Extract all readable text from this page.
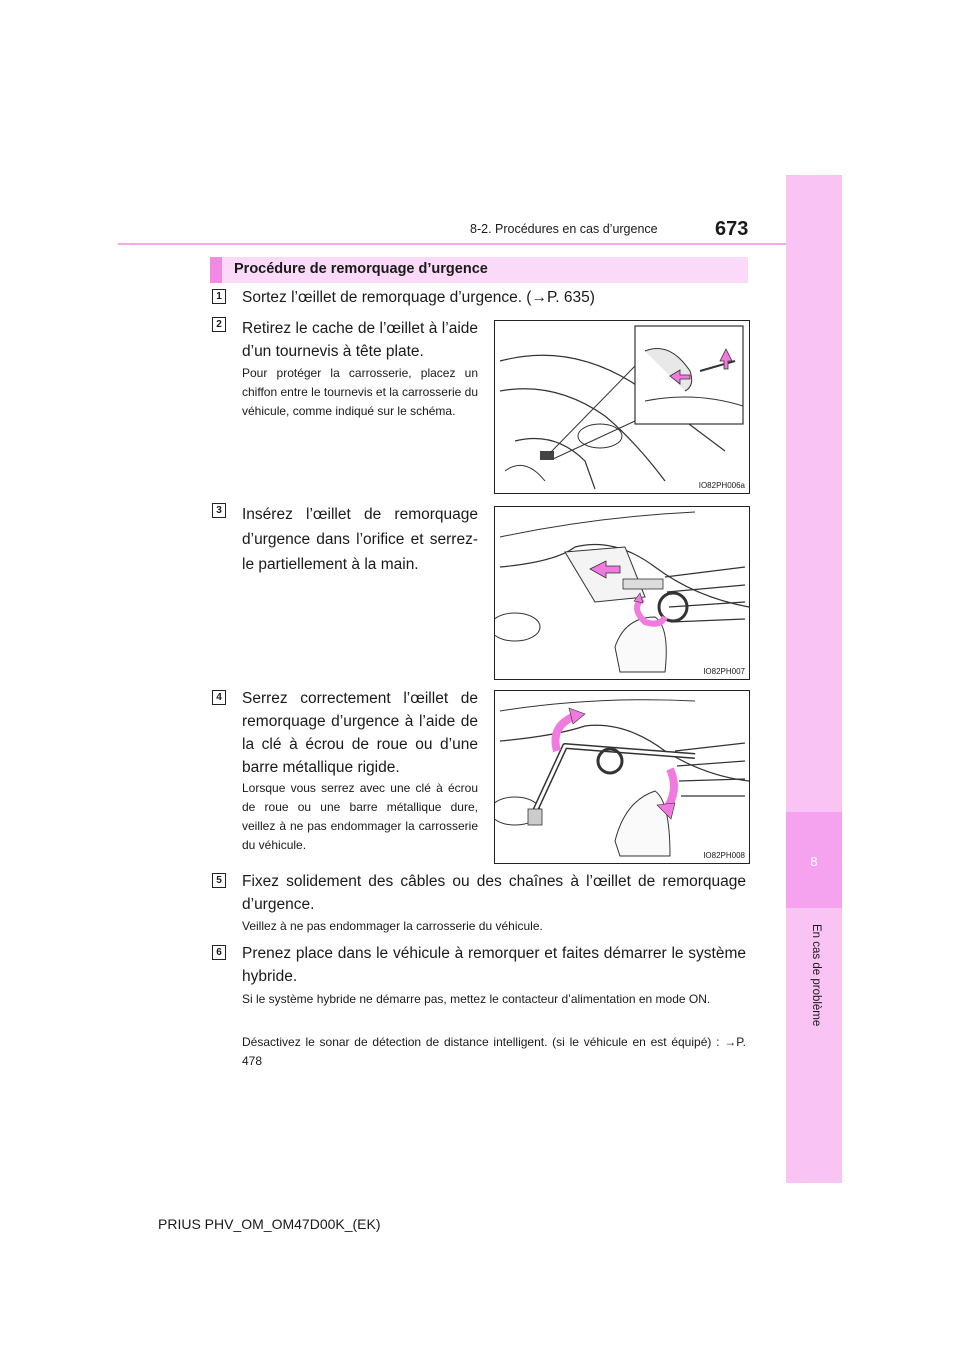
8-2. Procédures en cas d’urgence	673
8
En cas de problème
Procédure de remorquage d’urgence
1 Sortez l’œillet de remorquage d’urgence. (→P. 635)
2 Retirez le cache de l’œillet à l’aide d’un tournevis à tête plate.
Pour protéger la carrosserie, placez un chiffon entre le tournevis et la carrosserie du véhicule, comme indiqué sur le schéma.
IO82PH006a
3 Insérez l’œillet de remorquage d’urgence dans l’orifice et serrez-le partiellement à la main.
IO82PH007
4 Serrez correctement l’œillet de remorquage d’urgence à l’aide de la clé à écrou de roue ou d’une barre métallique rigide.
Lorsque vous serrez avec une clé à écrou de roue ou une barre métallique dure, veillez à ne pas endommager la carrosserie du véhicule.
IO82PH008
5 Fixez solidement des câbles ou des chaînes à l’œillet de remorquage d’urgence.
Veillez à ne pas endommager la carrosserie du véhicule.
6 Prenez place dans le véhicule à remorquer et faites démarrer le système hybride.
Si le système hybride ne démarre pas, mettez le contacteur d’alimentation en mode ON.
Désactivez le sonar de détection de distance intelligent. (si le véhicule en est équipé) : →P. 478
PRIUS PHV_OM_OM47D00K_(EK)
